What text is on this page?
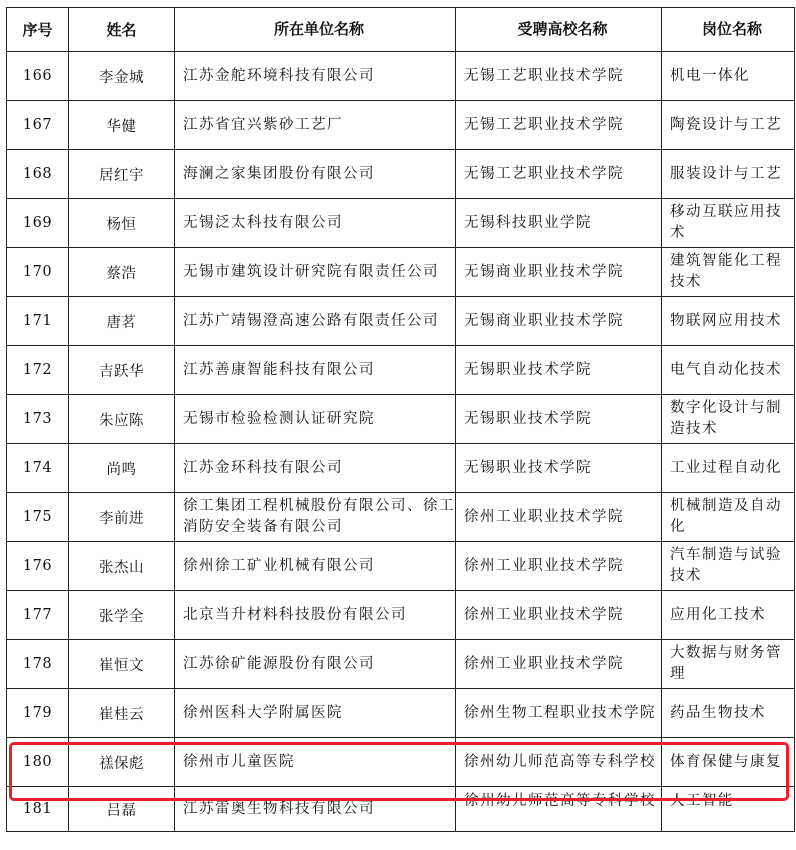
序号	姓名	所在单位名称	受聘高校名称	岗位名称

166	李金城	江苏金舵环境科技有限公司	无锡工艺职业技术学院	机电一体化

167	华健	江苏省宜兴紫砂工艺厂	无锡工艺职业技术学院	陶瓷设计与工艺

168	居红宇	海澜之家集团股份有限公司	无锡工艺职业技术学院	服装设计与工艺

169	杨恒	无锡泛太科技有限公司	无锡科技职业学院	移动互联应用技术

170	蔡浩	无锡市建筑设计研究院有限责任公司	无锡商业职业技术学院	建筑智能化工程技术

171	唐茗	江苏广靖锡澄高速公路有限责任公司	无锡商业职业技术学院	物联网应用技术

172	吉跃华	江苏善康智能科技有限公司	无锡职业技术学院	电气自动化技术

173	朱应陈	无锡市检验检测认证研究院	无锡职业技术学院	数字化设计与制造技术

174	尚鸣	江苏金环科技有限公司	无锡职业技术学院	工业过程自动化

175	李前进	徐工集团工程机械股份有限公司、徐工消防安全装备有限公司	徐州工业职业技术学院	机械制造及自动化

176	张杰山	徐州徐工矿业机械有限公司	徐州工业职业技术学院	汽车制造与试验技术

177	张学全	北京当升材料科技股份有限公司	徐州工业职业技术学院	应用化工技术

178	崔恒文	江苏徐矿能源股份有限公司	徐州工业职业技术学院	大数据与财务管理

179	崔桂云	徐州医科大学附属医院	徐州生物工程职业技术学院	药品生物技术

180	禚保彪	徐州市儿童医院	徐州幼儿师范高等专科学校	体育保健与康复

181	吕磊	江苏雷奥生物科技有限公司	徐州幼儿师范高等专科学校	人工智能
